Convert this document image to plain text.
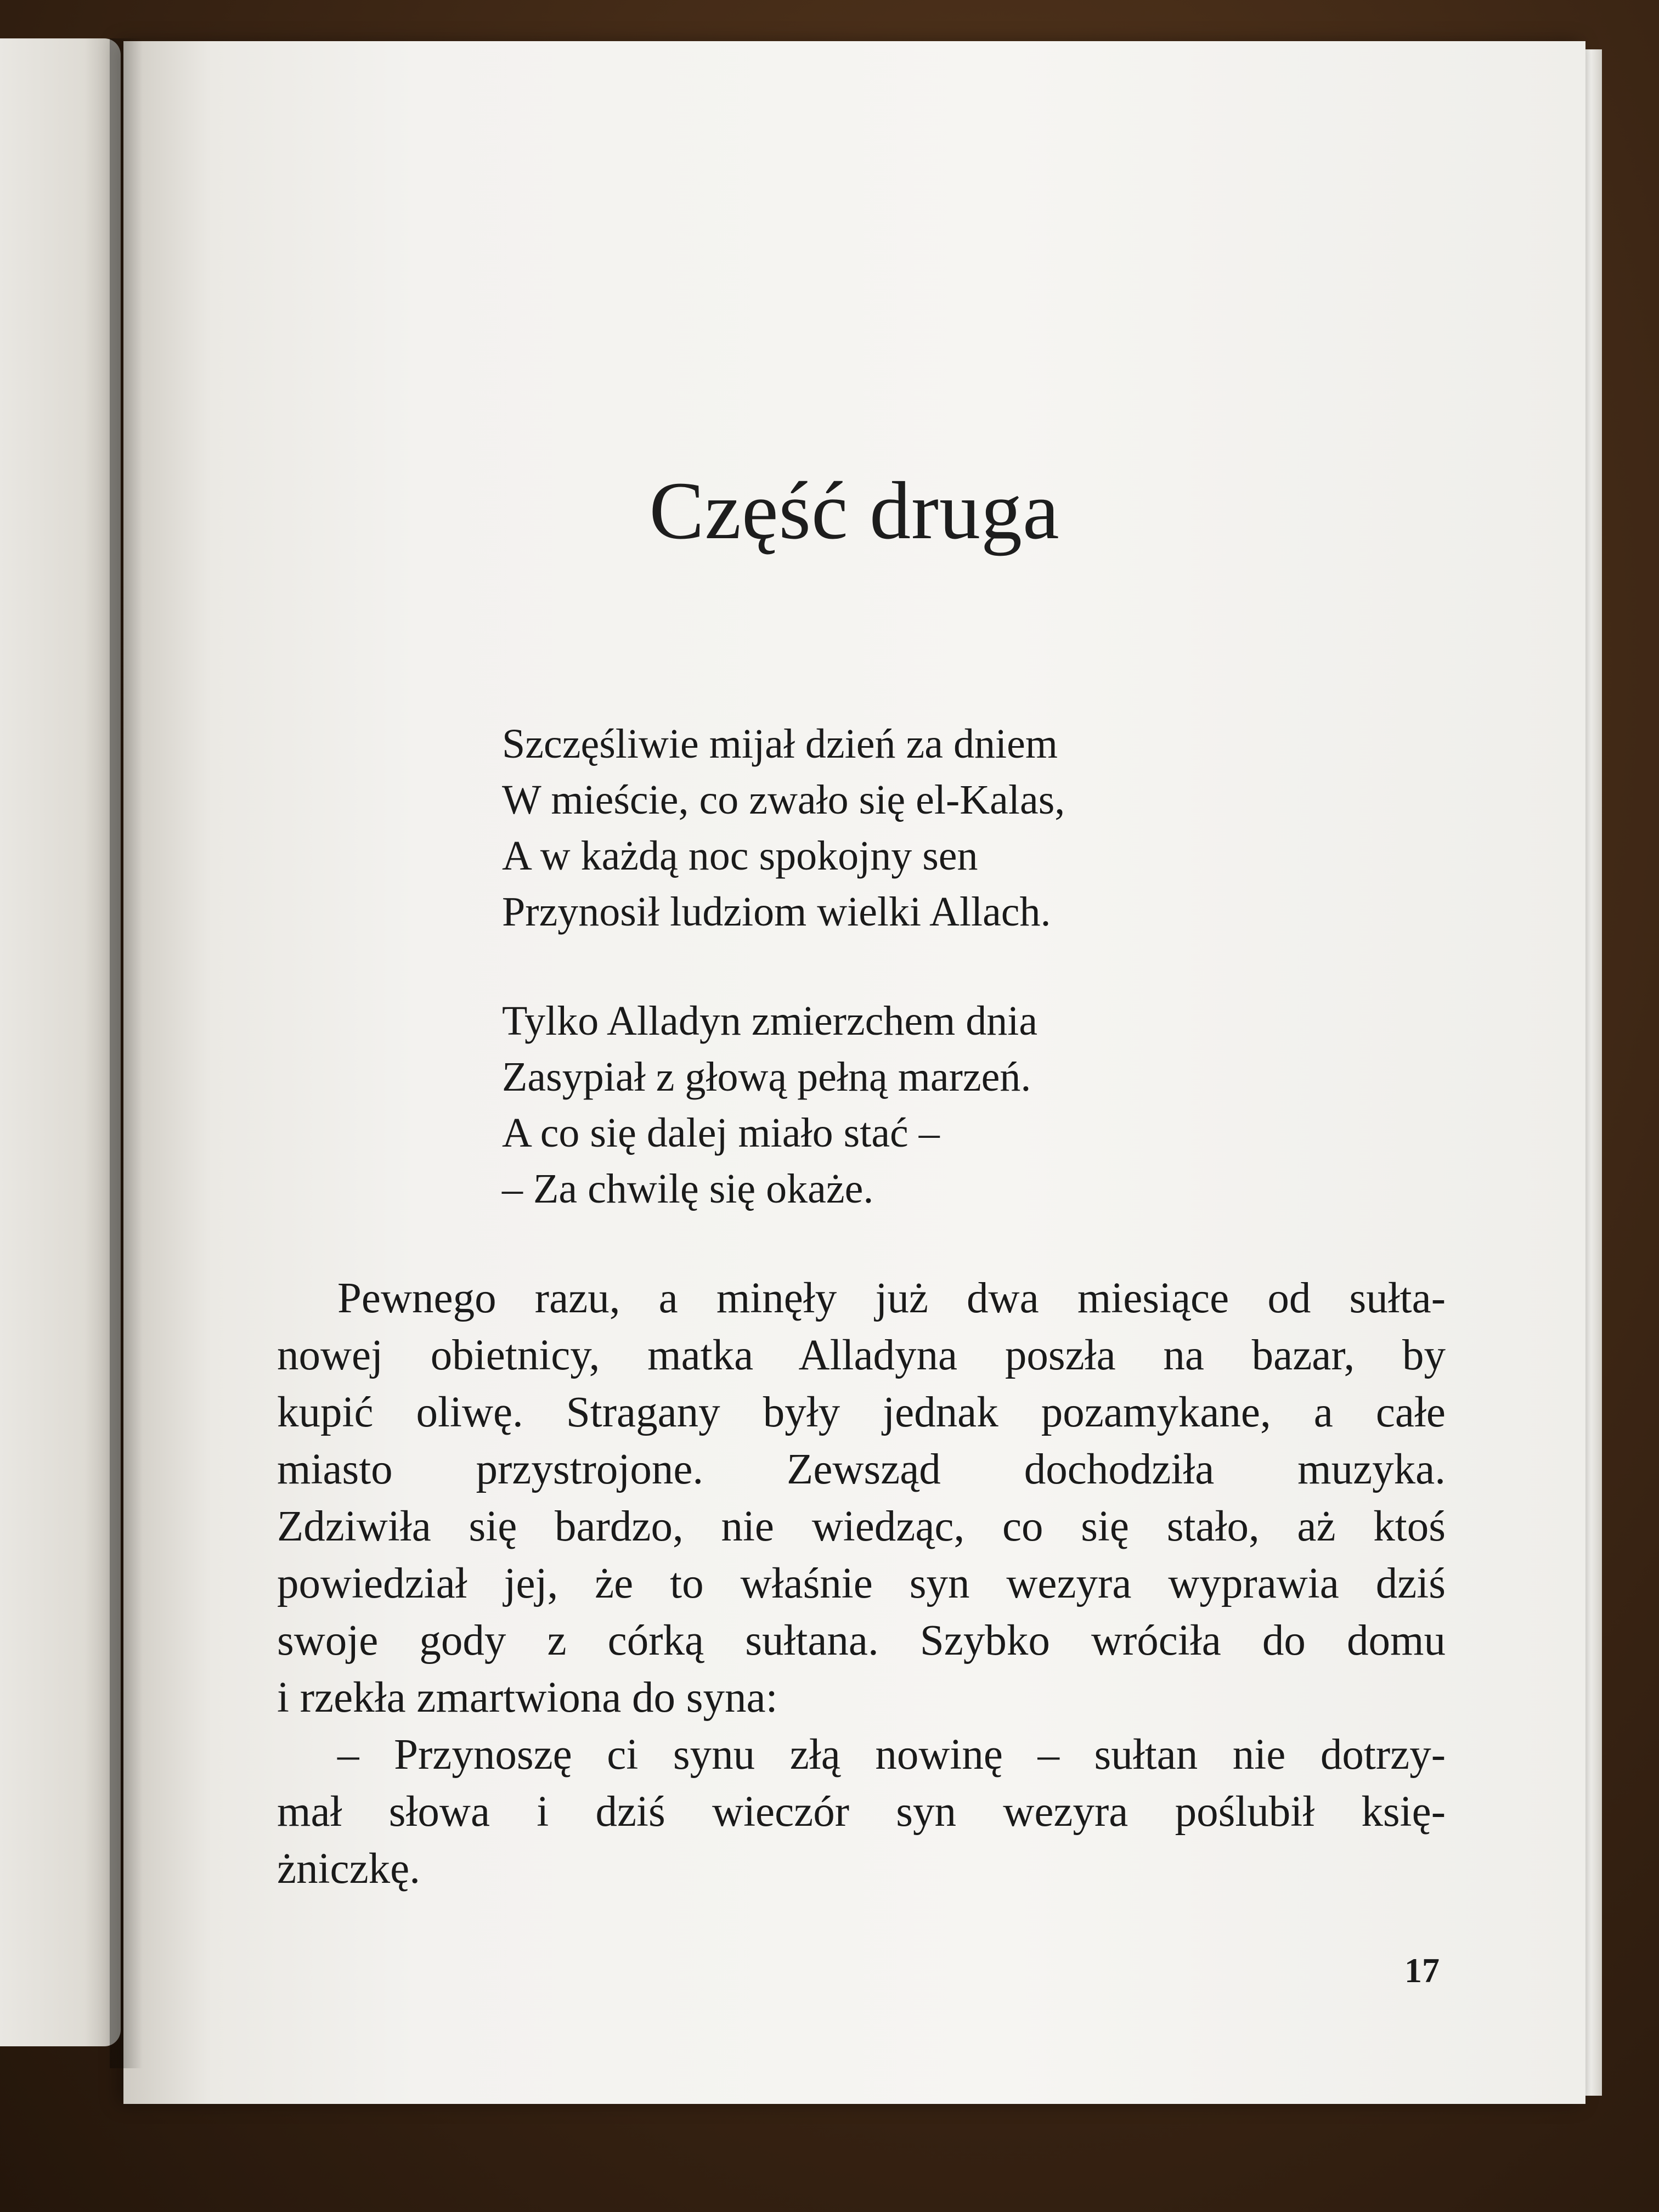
Część druga
Szczęśliwie mijał dzień za dniem
W mieście, co zwało się el-Kalas,
A w każdą noc spokojny sen
Przynosił ludziom wielki Allach.
Tylko Alladyn zmierzchem dnia
Zasypiał z głową pełną marzeń.
A co się dalej miało stać –
– Za chwilę się okaże.
Pewnego razu, a minęły już dwa miesiące od sułta-
nowej obietnicy, matka Alladyna poszła na bazar, by
kupić oliwę. Stragany były jednak pozamykane, a całe
miasto przystrojone. Zewsząd dochodziła muzyka.
Zdziwiła się bardzo, nie wiedząc, co się stało, aż ktoś
powiedział jej, że to właśnie syn wezyra wyprawia dziś
swoje gody z córką sułtana. Szybko wróciła do domu
i rzekła zmartwiona do syna:
– Przynoszę ci synu złą nowinę – sułtan nie dotrzy-
mał słowa i dziś wieczór syn wezyra poślubił księ-
żniczkę.
17
